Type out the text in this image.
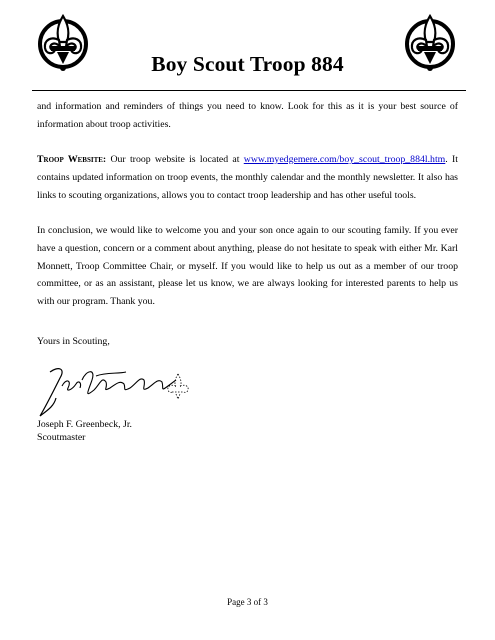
Boy Scout Troop 884

and information and reminders of things you need to know. Look for this as it is your best source of information about troop activities.

Troop Website: Our troop website is located at www.myedgemere.com/boy_scout_troop_884l.htm. It contains updated information on troop events, the monthly calendar and the monthly newsletter. It also has links to scouting organizations, allows you to contact troop leadership and has other useful tools.

In conclusion, we would like to welcome you and your son once again to our scouting family. If you ever have a question, concern or a comment about anything, please do not hesitate to speak with either Mr. Karl Monnett, Troop Committee Chair, or myself. If you would like to help us out as a member of our troop committee, or as an assistant, please let us know, we are always looking for interested parents to help us with our program. Thank you.

Yours in Scouting,
Joseph F. Greenbeck, Jr.
Scoutmaster
Page 3 of 3
